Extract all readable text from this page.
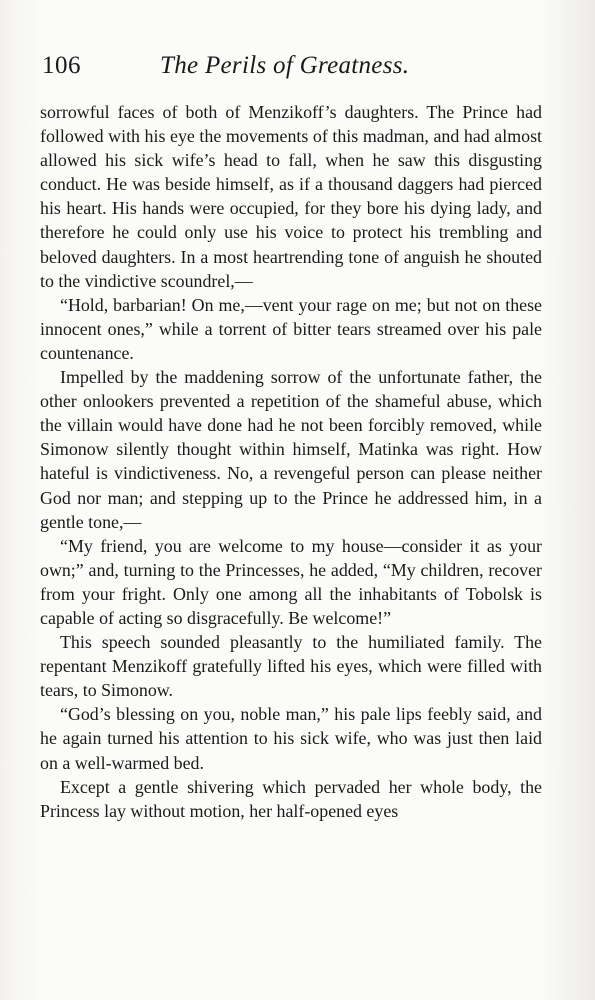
106	The Perils of Greatness.

sorrowful faces of both of Menzikoff’s daughters. The Prince had followed with his eye the movements of this madman, and had almost allowed his sick wife’s head to fall, when he saw this disgusting conduct. He was beside himself, as if a thousand daggers had pierced his heart. His hands were occupied, for they bore his dying lady, and therefore he could only use his voice to protect his trembling and beloved daughters. In a most heartrending tone of anguish he shouted to the vindictive scoundrel,—

“Hold, barbarian! On me,—vent your rage on me; but not on these innocent ones,” while a torrent of bitter tears streamed over his pale countenance.

Impelled by the maddening sorrow of the unfortunate father, the other onlookers prevented a repetition of the shameful abuse, which the villain would have done had he not been forcibly removed, while Simonow silently thought within himself, Matinka was right. How hateful is vindictiveness. No, a revengeful person can please neither God nor man; and stepping up to the Prince he addressed him, in a gentle tone,—

“My friend, you are welcome to my house—consider it as your own;” and, turning to the Princesses, he added, “My children, recover from your fright. Only one among all the inhabitants of Tobolsk is capable of acting so disgracefully. Be welcome!”

This speech sounded pleasantly to the humiliated family. The repentant Menzikoff gratefully lifted his eyes, which were filled with tears, to Simonow.

“God’s blessing on you, noble man,” his pale lips feebly said, and he again turned his attention to his sick wife, who was just then laid on a well-warmed bed.

Except a gentle shivering which pervaded her whole body, the Princess lay without motion, her half-opened eyes
